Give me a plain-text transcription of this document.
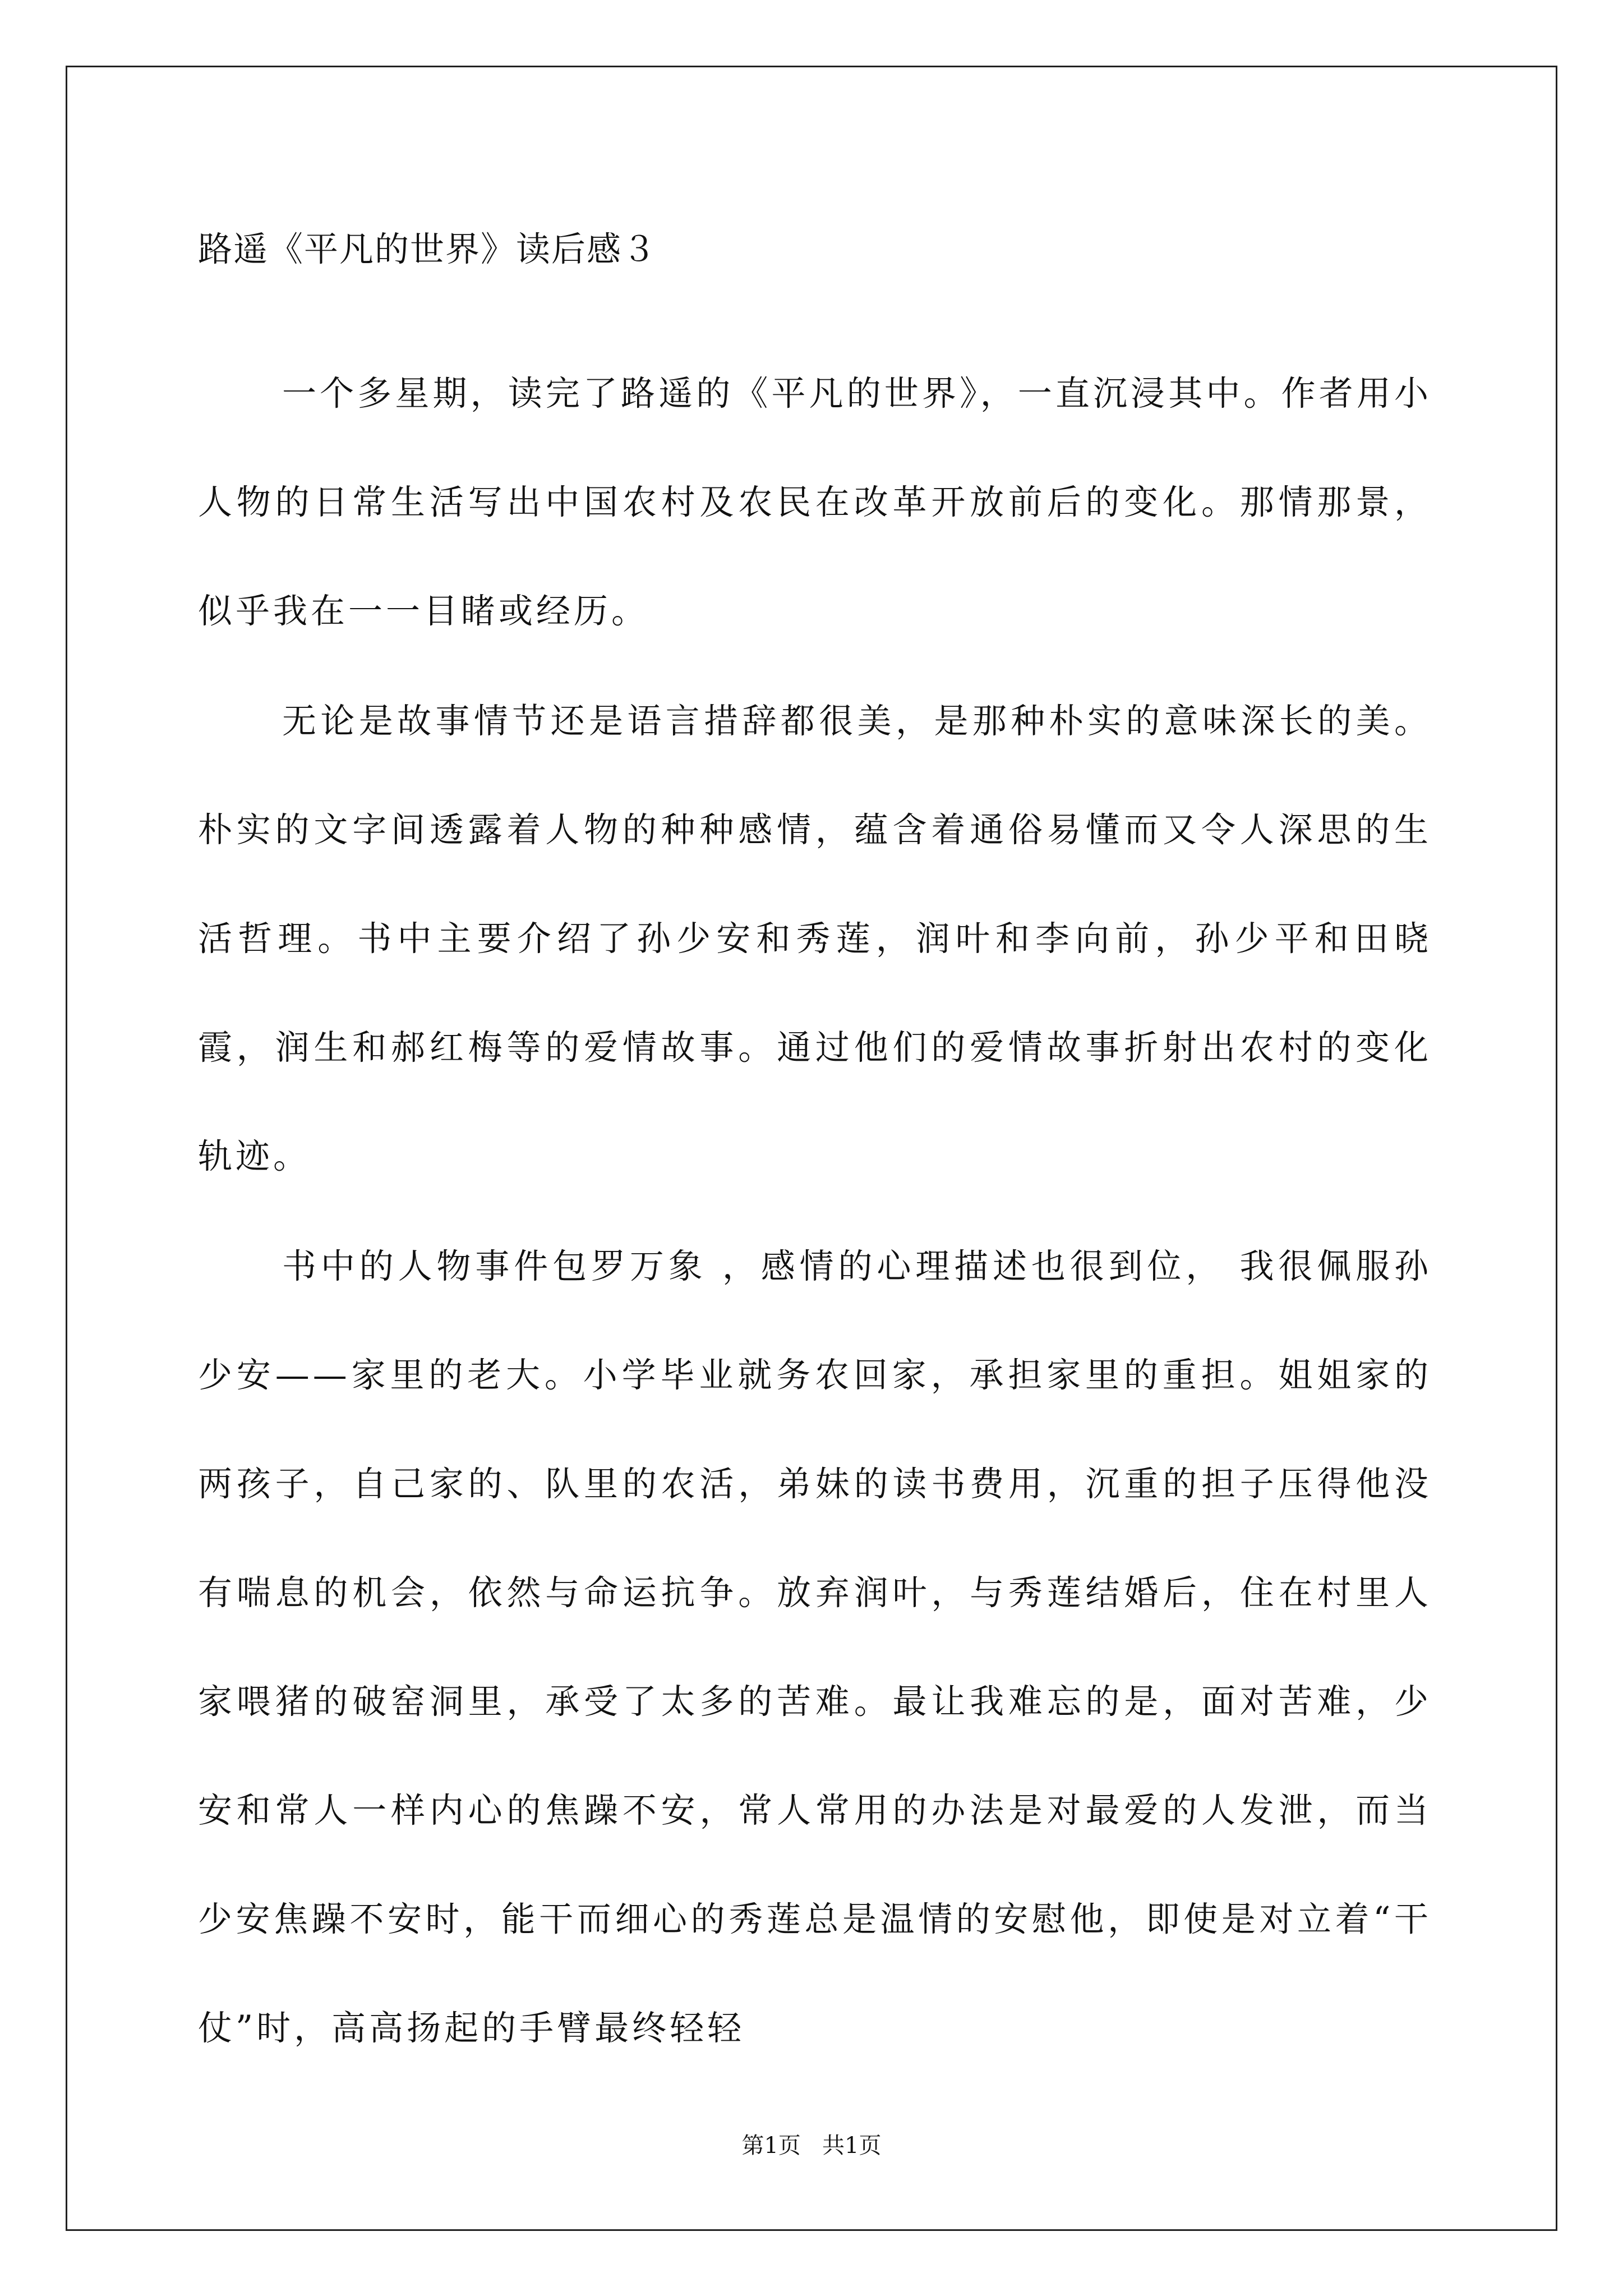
路遥《平凡的世界》读后感３

一个多星期，读完了路遥的《平凡的世界》，一直沉浸其中。作者用小人物的日常生活写出中国农村及农民在改革开放前后的变化。那情那景，似乎我在一一目睹或经历。

无论是故事情节还是语言措辞都很美，是那种朴实的意味深长的美。朴实的文字间透露着人物的种种感情，蕴含着通俗易懂而又令人深思的生活哲理。书中主要介绍了孙少安和秀莲，润叶和李向前，孙少平和田晓霞，润生和郝红梅等的爱情故事。通过他们的爱情故事折射出农村的变化轨迹。

书中的人物事件包罗万象 ，感情的心理描述也很到位， 我很佩服孙少安——家里的老大。小学毕业就务农回家，承担家里的重担。姐姐家的两孩子，自己家的、队里的农活，弟妹的读书费用，沉重的担子压得他没有喘息的机会，依然与命运抗争。放弃润叶，与秀莲结婚后，住在村里人家喂猪的破窑洞里，承受了太多的苦难。最让我难忘的是，面对苦难，少安和常人一样内心的焦躁不安，常人常用的办法是对最爱的人发泄，而当少安焦躁不安时，能干而细心的秀莲总是温情的安慰他，即使是对立着“干仗”时，高高扬起的手臂最终轻轻

第1页   共1页
